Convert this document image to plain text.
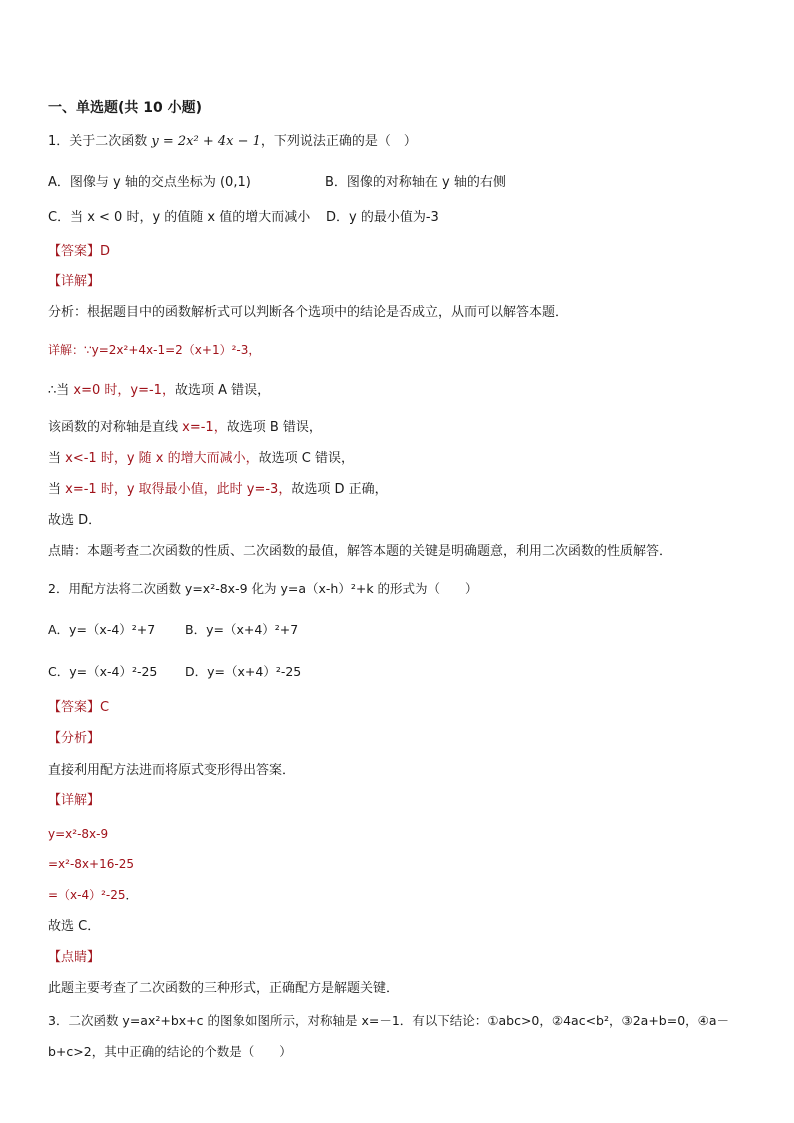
一、单选题(共 10 小题)
1．关于二次函数 y = 2x² + 4x − 1，下列说法正确的是（　）
A．图像与 y 轴的交点坐标为 (0,1)	B．图像的对称轴在 y 轴的右侧
C．当 x < 0 时，y 的值随 x 值的增大而减小 D．y 的最小值为-3
【答案】D
【详解】
分析：根据题目中的函数解析式可以判断各个选项中的结论是否成立，从而可以解答本题．
详解：∵y=2x²+4x-1=2（x+1）²-3，
∴当 x=0 时，y=-1，故选项 A 错误，
该函数的对称轴是直线 x=-1，故选项 B 错误，
当 x<-1 时，y 随 x 的增大而减小，故选项 C 错误，
当 x=-1 时，y 取得最小值，此时 y=-3，故选项 D 正确，
故选 D．
点睛：本题考查二次函数的性质、二次函数的最值，解答本题的关键是明确题意，利用二次函数的性质解答．
2．用配方法将二次函数 y=x²-8x-9 化为 y=a（x-h）²+k 的形式为（　　）
A．y=（x-4）²+7 B．y=（x+4）²+7
C．y=（x-4）²-25 D．y=（x+4）²-25
【答案】C
【分析】
直接利用配方法进而将原式变形得出答案．
【详解】
y=x²-8x-9
=x²-8x+16-25
=（x-4）²-25．
故选 C．
【点睛】
此题主要考查了二次函数的三种形式，正确配方是解题关键．
3．二次函数 y=ax²+bx+c 的图象如图所示，对称轴是 x=－1．有以下结论：①abc>0，②4ac<b²，③2a+b=0，④a－
b+c>2，其中正确的结论的个数是（　　）
